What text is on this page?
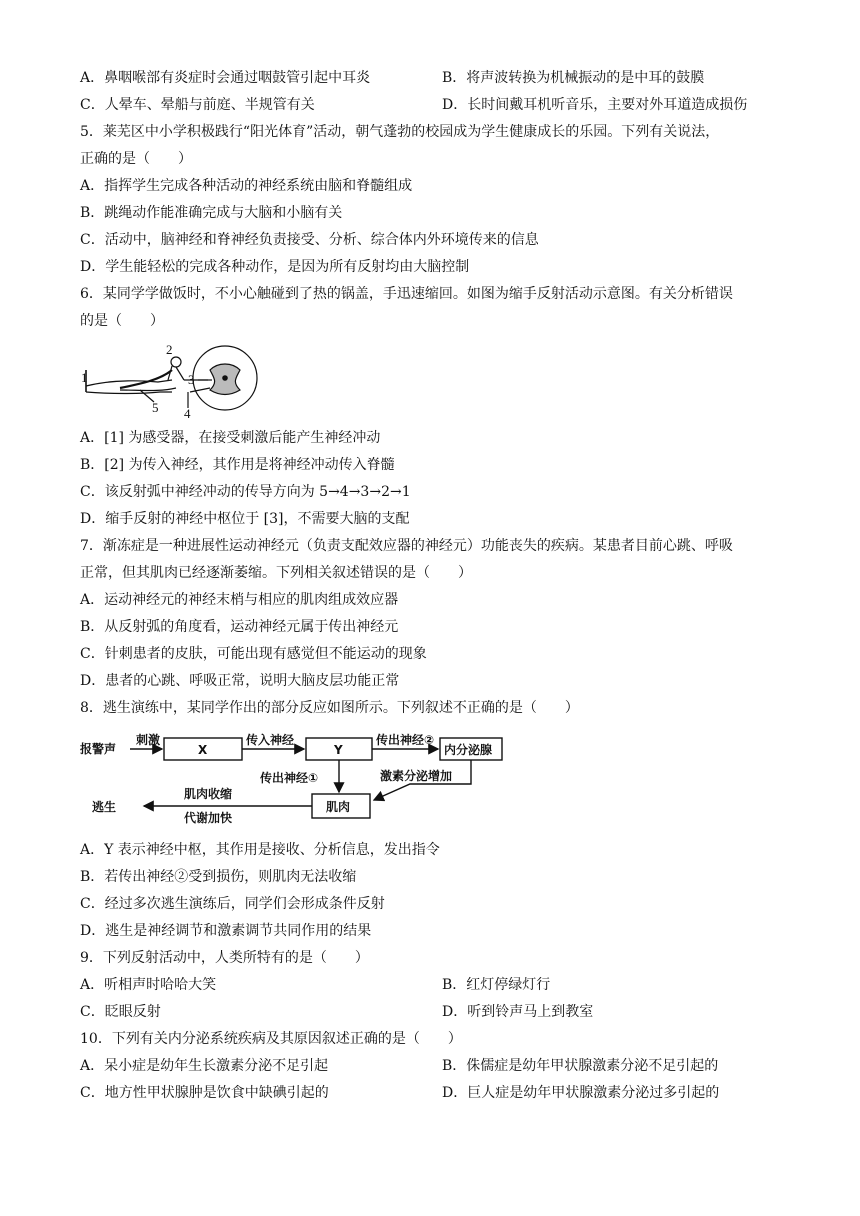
A．鼻咽喉部有炎症时会通过咽鼓管引起中耳炎	B．将声波转换为机械振动的是中耳的鼓膜
C．人晕车、晕船与前庭、半规管有关	D．长时间戴耳机听音乐，主要对外耳道造成损伤
5．莱芜区中小学积极践行“阳光体育”活动，朝气蓬勃的校园成为学生健康成长的乐园。下列有关说法，
正确的是（　　）
A．指挥学生完成各种活动的神经系统由脑和脊髓组成
B．跳绳动作能准确完成与大脑和小脑有关
C．活动中，脑神经和脊神经负责接受、分析、综合体内外环境传来的信息
D．学生能轻松的完成各种动作，是因为所有反射均由大脑控制
6．某同学学做饭时，不小心触碰到了热的锅盖，手迅速缩回。如图为缩手反射活动示意图。有关分析错误
的是（　　）
1
2
3
4
5
A．[1] 为感受器，在接受刺激后能产生神经冲动
B．[2] 为传入神经，其作用是将神经冲动传入脊髓
C．该反射弧中神经冲动的传导方向为 5→4→3→2→1
D．缩手反射的神经中枢位于 [3]，不需要大脑的支配
7．渐冻症是一种进展性运动神经元（负责支配效应器的神经元）功能丧失的疾病。某患者目前心跳、呼吸
正常，但其肌肉已经逐渐萎缩。下列相关叙述错误的是（　　）
A．运动神经元的神经末梢与相应的肌肉组成效应器
B．从反射弧的角度看，运动神经元属于传出神经元
C．针刺患者的皮肤，可能出现有感觉但不能运动的现象
D．患者的心跳、呼吸正常，说明大脑皮层功能正常
8．逃生演练中，某同学作出的部分反应如图所示。下列叙述不正确的是（　　）
报警声
刺激
X
传入神经
Y
传出神经②
内分泌腺
传出神经①	激素分泌增加
肌肉
肌肉收缩
代谢加快
逃生
A．Y 表示神经中枢，其作用是接收、分析信息，发出指令
B．若传出神经②受到损伤，则肌肉无法收缩
C．经过多次逃生演练后，同学们会形成条件反射
D．逃生是神经调节和激素调节共同作用的结果
9．下列反射活动中，人类所特有的是（　　）
A．听相声时哈哈大笑	B．红灯停绿灯行
C．眨眼反射	D．听到铃声马上到教室
10．下列有关内分泌系统疾病及其原因叙述正确的是（　　）
A．呆小症是幼年生长激素分泌不足引起	B．侏儒症是幼年甲状腺激素分泌不足引起的
C．地方性甲状腺肿是饮食中缺碘引起的	D．巨人症是幼年甲状腺激素分泌过多引起的
